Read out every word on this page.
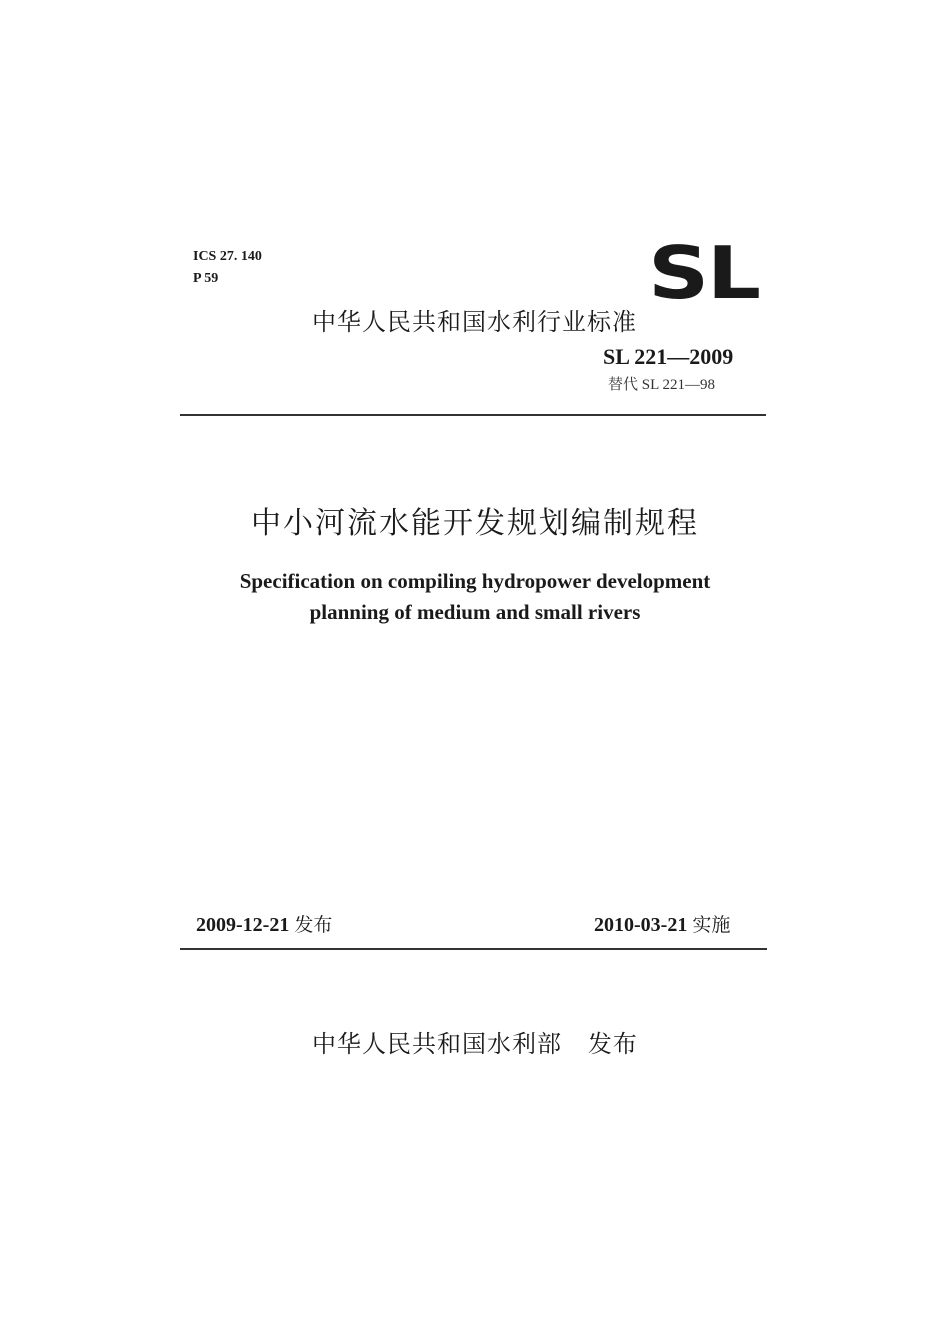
ICS 27. 140
P 59	SL
中华人民共和国水利行业标准
SL 221—2009
替代 SL 221—98
中小河流水能开发规划编制规程
Specification on compiling hydropower development
planning of medium and small rivers
2009-12-21 发布	2010-03-21 实施
中华人民共和国水利部   发布
